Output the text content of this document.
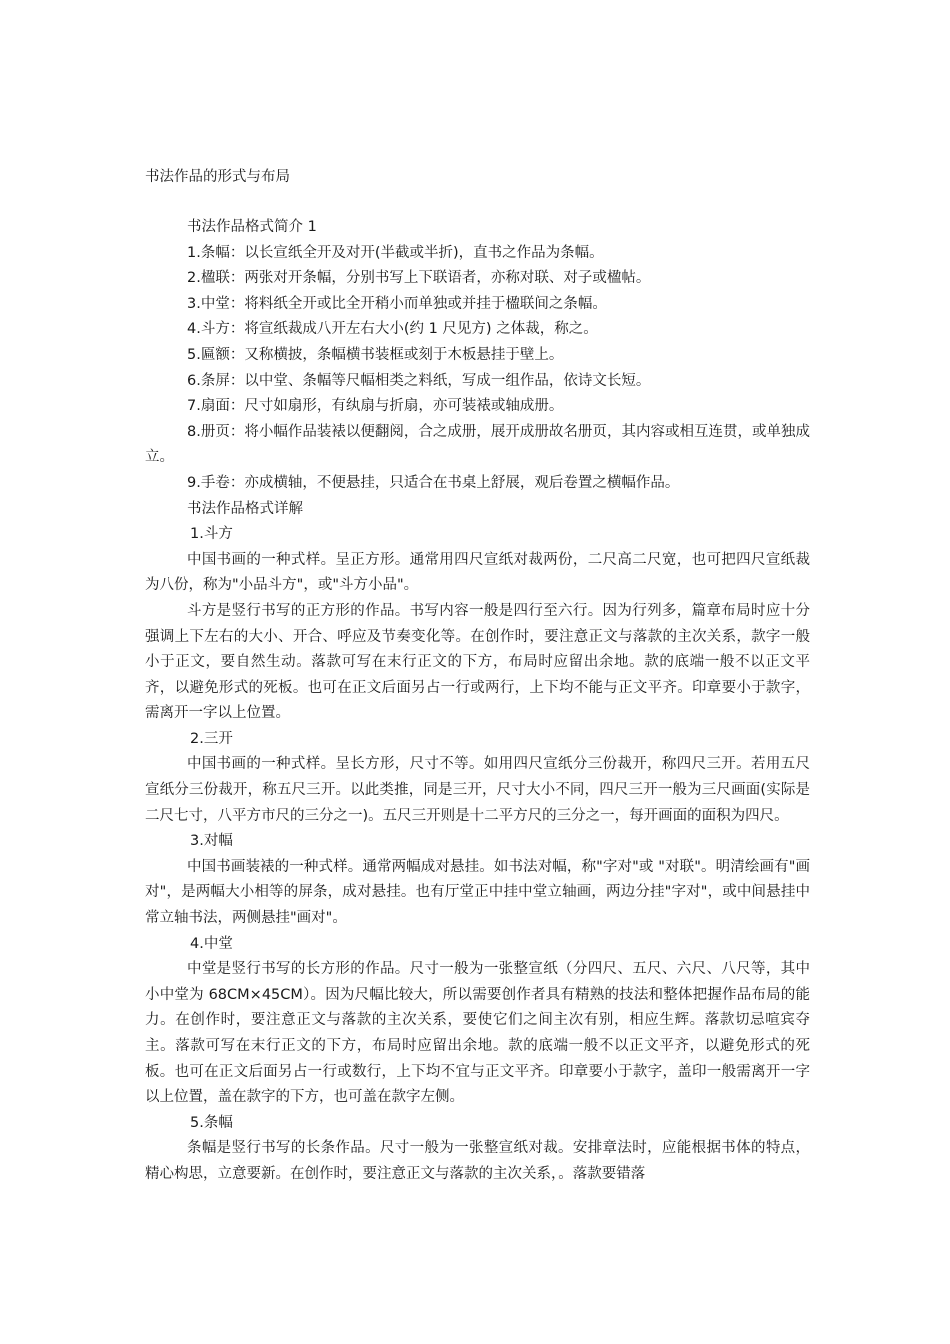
书法作品的形式与布局

书法作品格式简介 1

1.条幅：以长宣纸全开及对开(半截或半折)，直书之作品为条幅。

2.楹联：两张对开条幅，分别书写上下联语者，亦称对联、对子或楹帖。

3.中堂：将料纸全开或比全开稍小而单独或并挂于楹联间之条幅。

4.斗方：将宣纸裁成八开左右大小(约 1 尺见方) 之体裁，称之。

5.匾额：又称横披，条幅横书装框或刻于木板悬挂于壁上。

6.条屏：以中堂、条幅等尺幅相类之料纸，写成一组作品，依诗文长短。

7.扇面：尺寸如扇形，有纨扇与折扇，亦可装裱或轴成册。

8.册页：将小幅作品装裱以便翻阅，合之成册，展开成册故名册页，其内容或相互连贯，或单独成立。

9.手卷：亦成横轴，不便悬挂，只适合在书桌上舒展，观后卷置之横幅作品。

书法作品格式详解

1.斗方

中国书画的一种式样。呈正方形。通常用四尺宣纸对裁两份，二尺高二尺宽，也可把四尺宣纸裁为八份，称为"小品斗方"，或"斗方小品"。

斗方是竖行书写的正方形的作品。书写内容一般是四行至六行。因为行列多，篇章布局时应十分强调上下左右的大小、开合、呼应及节奏变化等。在创作时，要注意正文与落款的主次关系，款字一般小于正文，要自然生动。落款可写在末行正文的下方，布局时应留出余地。款的底端一般不以正文平齐，以避免形式的死板。也可在正文后面另占一行或两行，上下均不能与正文平齐。印章要小于款字，需离开一字以上位置。

2.三开

中国书画的一种式样。呈长方形，尺寸不等。如用四尺宣纸分三份裁开，称四尺三开。若用五尺宣纸分三份裁开，称五尺三开。以此类推，同是三开，尺寸大小不同，四尺三开一般为三尺画面(实际是二尺七寸，八平方市尺的三分之一)。五尺三开则是十二平方尺的三分之一，每开画面的面积为四尺。

3.对幅

中国书画装裱的一种式样。通常两幅成对悬挂。如书法对幅，称"字对"或 "对联"。明清绘画有"画对"，是两幅大小相等的屏条，成对悬挂。也有厅堂正中挂中堂立轴画，两边分挂"字对"，或中间悬挂中常立轴书法，两侧悬挂"画对"。

4.中堂

中堂是竖行书写的长方形的作品。尺寸一般为一张整宣纸（分四尺、五尺、六尺、八尺等，其中小中堂为 68CM×45CM）。因为尺幅比较大，所以需要创作者具有精熟的技法和整体把握作品布局的能力。在创作时，要注意正文与落款的主次关系，要使它们之间主次有别，相应生辉。落款切忌喧宾夺主。落款可写在末行正文的下方，布局时应留出余地。款的底端一般不以正文平齐，以避免形式的死板。也可在正文后面另占一行或数行，上下均不宜与正文平齐。印章要小于款字，盖印一般需离开一字以上位置，盖在款字的下方，也可盖在款字左侧。

5.条幅

条幅是竖行书写的长条作品。尺寸一般为一张整宣纸对裁。安排章法时，应能根据书体的特点，精心构思，立意要新。在创作时，要注意正文与落款的主次关系，。落款要错落
